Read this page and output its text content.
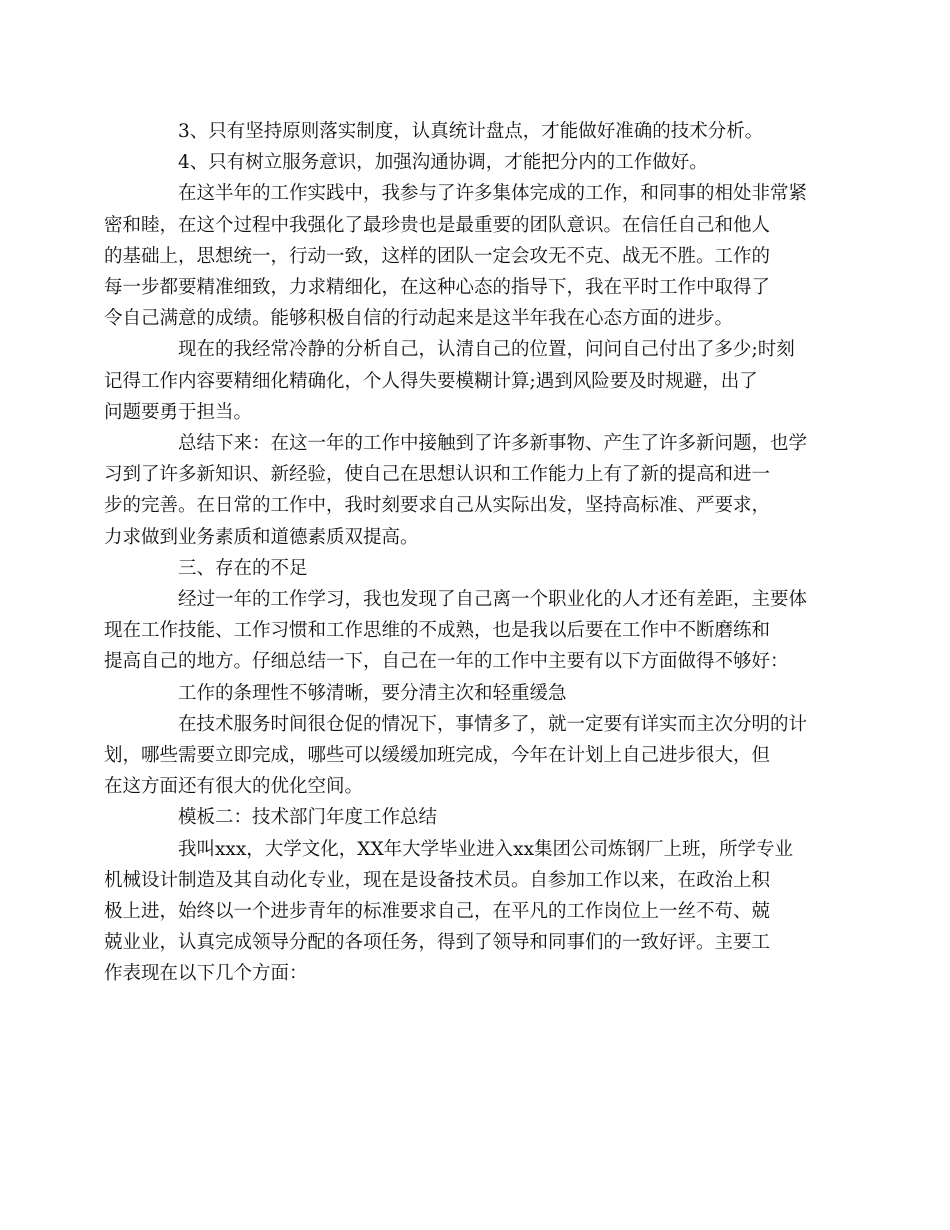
3、只有坚持原则落实制度，认真统计盘点，才能做好准确的技术分析。

4、只有树立服务意识，加强沟通协调，才能把分内的工作做好。

在这半年的工作实践中，我参与了许多集体完成的工作，和同事的相处非常紧
密和睦，在这个过程中我强化了最珍贵也是最重要的团队意识。在信任自己和他人
的基础上，思想统一，行动一致，这样的团队一定会攻无不克、战无不胜。工作的
每一步都要精准细致，力求精细化，在这种心态的指导下，我在平时工作中取得了
令自己满意的成绩。能够积极自信的行动起来是这半年我在心态方面的进步。

现在的我经常冷静的分析自己，认清自己的位置，问问自己付出了多少;时刻
记得工作内容要精细化精确化，个人得失要模糊计算;遇到风险要及时规避，出了
问题要勇于担当。

总结下来：在这一年的工作中接触到了许多新事物、产生了许多新问题，也学
习到了许多新知识、新经验，使自己在思想认识和工作能力上有了新的提高和进一
步的完善。在日常的工作中，我时刻要求自己从实际出发，坚持高标准、严要求，
力求做到业务素质和道德素质双提高。

三、存在的不足

经过一年的工作学习，我也发现了自己离一个职业化的人才还有差距，主要体
现在工作技能、工作习惯和工作思维的不成熟，也是我以后要在工作中不断磨练和
提高自己的地方。仔细总结一下，自己在一年的工作中主要有以下方面做得不够好：

工作的条理性不够清晰，要分清主次和轻重缓急

在技术服务时间很仓促的情况下，事情多了，就一定要有详实而主次分明的计
划，哪些需要立即完成，哪些可以缓缓加班完成，今年在计划上自己进步很大，但
在这方面还有很大的优化空间。

模板二：技术部门年度工作总结

我叫xxx，大学文化，XX年大学毕业进入xx集团公司炼钢厂上班，所学专业
机械设计制造及其自动化专业，现在是设备技术员。自参加工作以来，在政治上积
极上进，始终以一个进步青年的标准要求自己，在平凡的工作岗位上一丝不苟、兢
兢业业，认真完成领导分配的各项任务，得到了领导和同事们的一致好评。主要工
作表现在以下几个方面：
